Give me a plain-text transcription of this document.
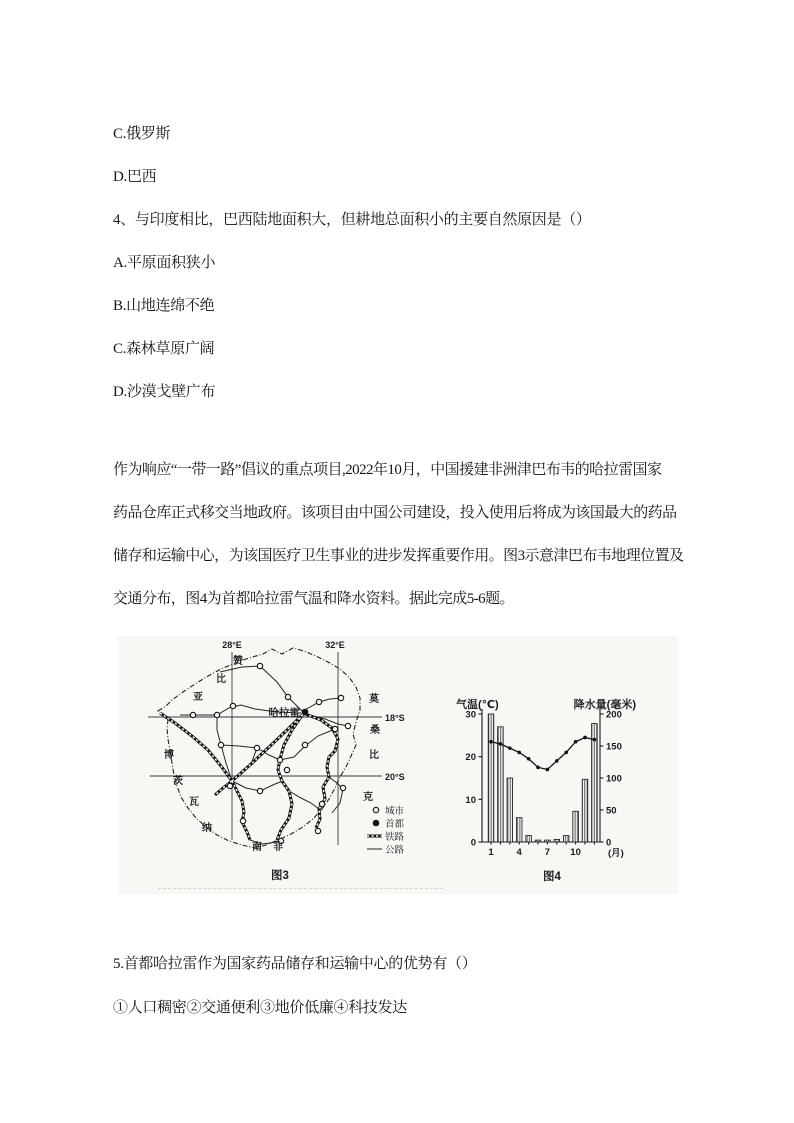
C.俄罗斯

D.巴西

4、与印度相比，巴西陆地面积大，但耕地总面积小的主要自然原因是（）

A.平原面积狭小

B.山地连绵不绝

C.森林草原广阔

D.沙漠戈壁广布

作为响应“一带一路”倡议的重点项目,2022年10月，中国援建非洲津巴布韦的哈拉雷国家

药品仓库正式移交当地政府。该项目由中国公司建设，投入使用后将成为该国最大的药品

储存和运输中心，为该国医疗卫生事业的进步发挥重要作用。图3示意津巴布韦地理位置及

交通分布，图4为首都哈拉雷气温和降水资料。据此完成5-6题。

28°E	32°E
18°S
20°S
哈拉雷
赞
比
亚	莫
桑
比
克
博
茨
瓦
纳
南 非
城市
首都
铁路
公路
图3
气温(℃)	降水量(毫米)
0
10
20
30
0
50
100
150
200
1 4 7 10	(月)
图4

5.首都哈拉雷作为国家药品储存和运输中心的优势有（）

①人口稠密②交通便利③地价低廉④科技发达
